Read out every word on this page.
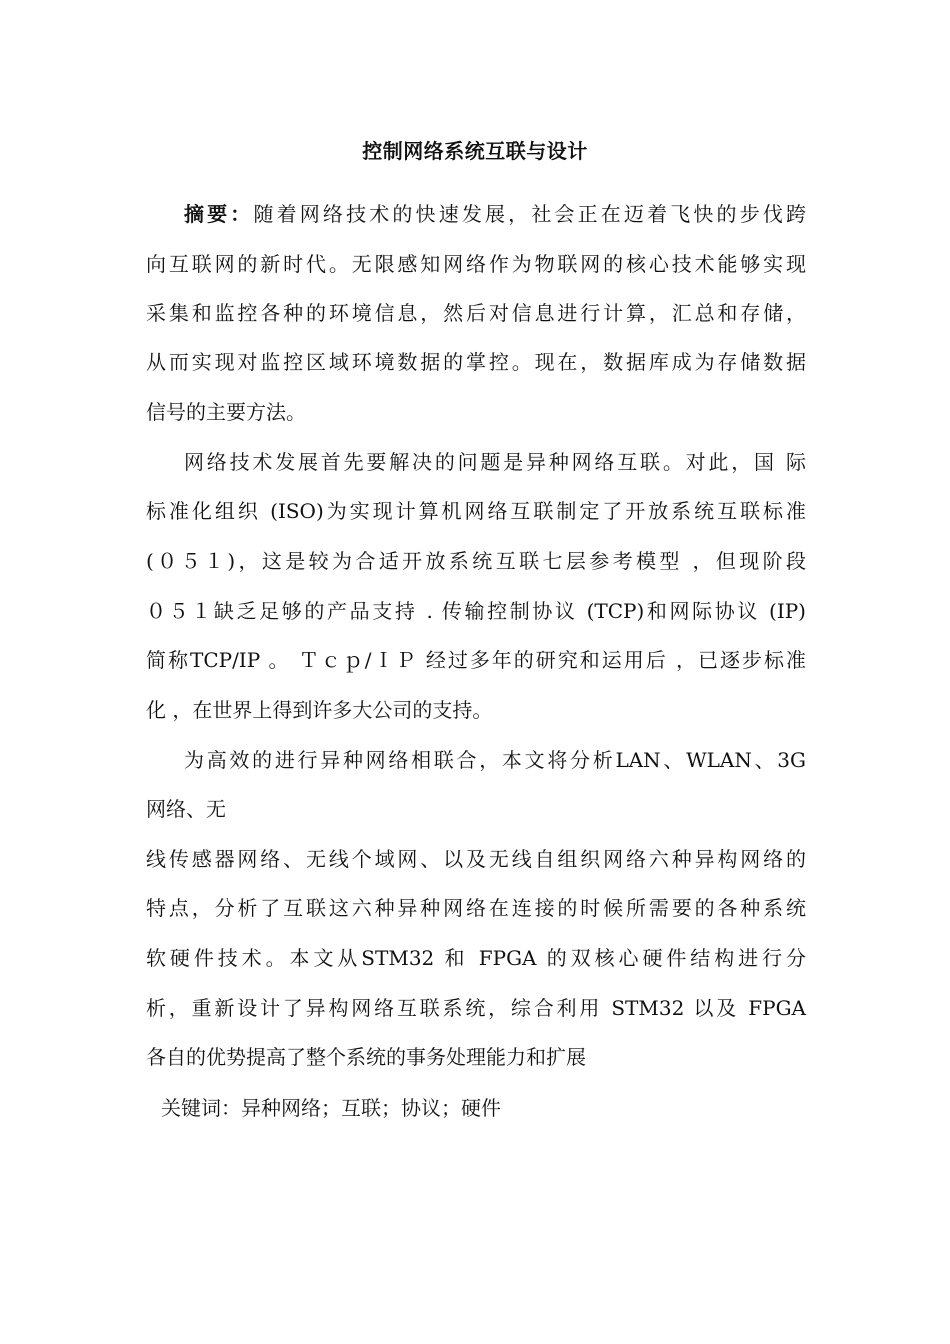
控制网络系统互联与设计
摘要：随着网络技术的快速发展，社会正在迈着飞快的步伐跨
向互联网的新时代。无限感知网络作为物联网的核心技术能够实现
采集和监控各种的环境信息，然后对信息进行计算，汇总和存储，
从而实现对监控区域环境数据的掌控。现在，数据库成为存储数据
信号的主要方法。
网络技术发展首先要解决的问题是异种网络互联。对此，国 际
标准化组织 (ISO)为实现计算机网络互联制定了开放系统互联标准
(０５１)，这是较为合适开放系统互联七层参考模型 ，但现阶段
０５１缺乏足够的产品支持 . 传输控制协议 (TCP)和网际协议 (IP)
简称TCP/IP 。 Ｔｃｐ/ＩＰ 经过多年的研究和运用后 ，已逐步标准
化 ，在世界上得到许多大公司的支持。
为高效的进行异种网络相联合，本文将分析LAN、WLAN、3G
网络、无
线传感器网络、无线个域网、以及无线自组织网络六种异构网络的
特点，分析了互联这六种异种网络在连接的时候所需要的各种系统
软硬件技术。本文从STM32 和 FPGA 的双核心硬件结构进行分
析，重新设计了异构网络互联系统，综合利用 STM32 以及 FPGA
各自的优势提高了整个系统的事务处理能力和扩展
关键词：异种网络；互联；协议；硬件
